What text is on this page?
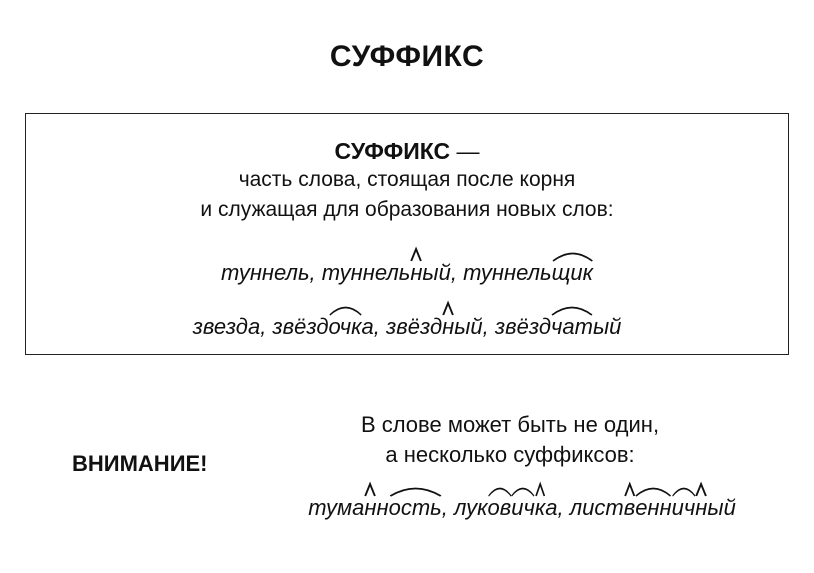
СУФФИКС
СУФФИКС —
часть слова, стоящая после корня
и служащая для образования новых слов:
туннель, туннель
ный, туннель
щик
звезда, звёзд
очка, звёзд
ный, звёзд
чатый
ВНИМАНИЕ!
В слове может быть не один,
а несколько суффиксов:
тума
нн
ость, лук
ов
ич
ка, лист
в
енн
ич
ный
